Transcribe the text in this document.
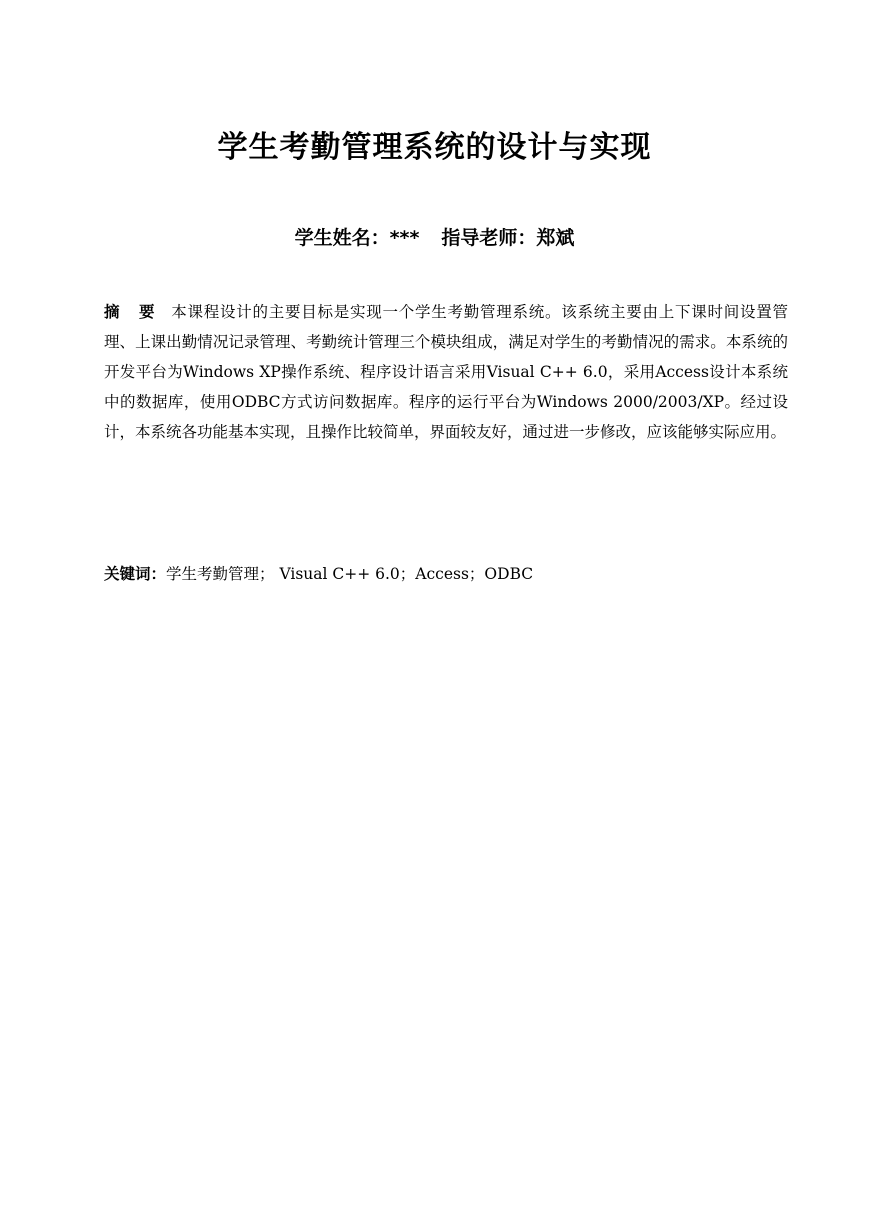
学生考勤管理系统的设计与实现
学生姓名：*** 指导老师：郑斌

摘 要 本课程设计的主要目标是实现一个学生考勤管理系统。该系统主要由上下课时间设置管理、上课出勤情况记录管理、考勤统计管理三个模块组成，满足对学生的考勤情况的需求。本系统的开发平台为Windows XP操作系统、程序设计语言采用Visual C++ 6.0，采用Access设计本系统中的数据库，使用ODBC方式访问数据库。程序的运行平台为Windows 2000/2003/XP。经过设计，本系统各功能基本实现，且操作比较简单，界面较友好，通过进一步修改，应该能够实际应用。

关键词：学生考勤管理； Visual C++ 6.0；Access；ODBC
